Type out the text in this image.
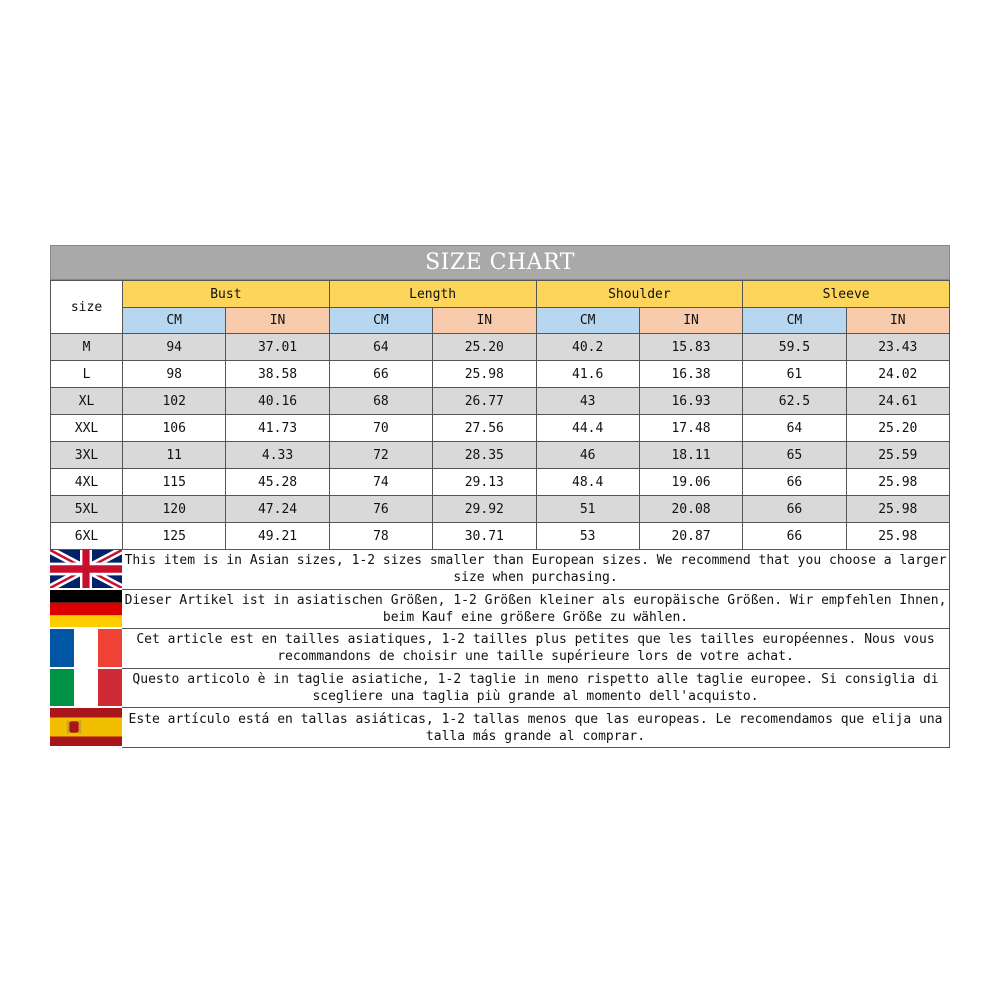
SIZE CHART
size	Bust		Length		Shoulder		Sleeve	
	CM	IN	CM	IN	CM	IN	CM	IN
M	94	37.01	64	25.20	40.2	15.83	59.5	23.43
L	98	38.58	66	25.98	41.6	16.38	61	24.02
XL	102	40.16	68	26.77	43	16.93	62.5	24.61
XXL	106	41.73	70	27.56	44.4	17.48	64	25.20
3XL	11	4.33	72	28.35	46	18.11	65	25.59
4XL	115	45.28	74	29.13	48.4	19.06	66	25.98
5XL	120	47.24	76	29.92	51	20.08	66	25.98
6XL	125	49.21	78	30.71	53	20.87	66	25.98
This item is in Asian sizes, 1-2 sizes smaller than European sizes. We recommend that you choose a larger size when purchasing.
Dieser Artikel ist in asiatischen Größen, 1-2 Größen kleiner als europäische Größen. Wir empfehlen Ihnen, beim Kauf eine größere Größe zu wählen.
Cet article est en tailles asiatiques, 1-2 tailles plus petites que les tailles européennes. Nous vous recommandons de choisir une taille supérieure lors de votre achat.
Questo articolo è in taglie asiatiche, 1-2 taglie in meno rispetto alle taglie europee. Si consiglia di scegliere una taglia più grande al momento dell'acquisto.
Este artículo está en tallas asiáticas, 1-2 tallas menos que las europeas. Le recomendamos que elija una talla más grande al comprar.
